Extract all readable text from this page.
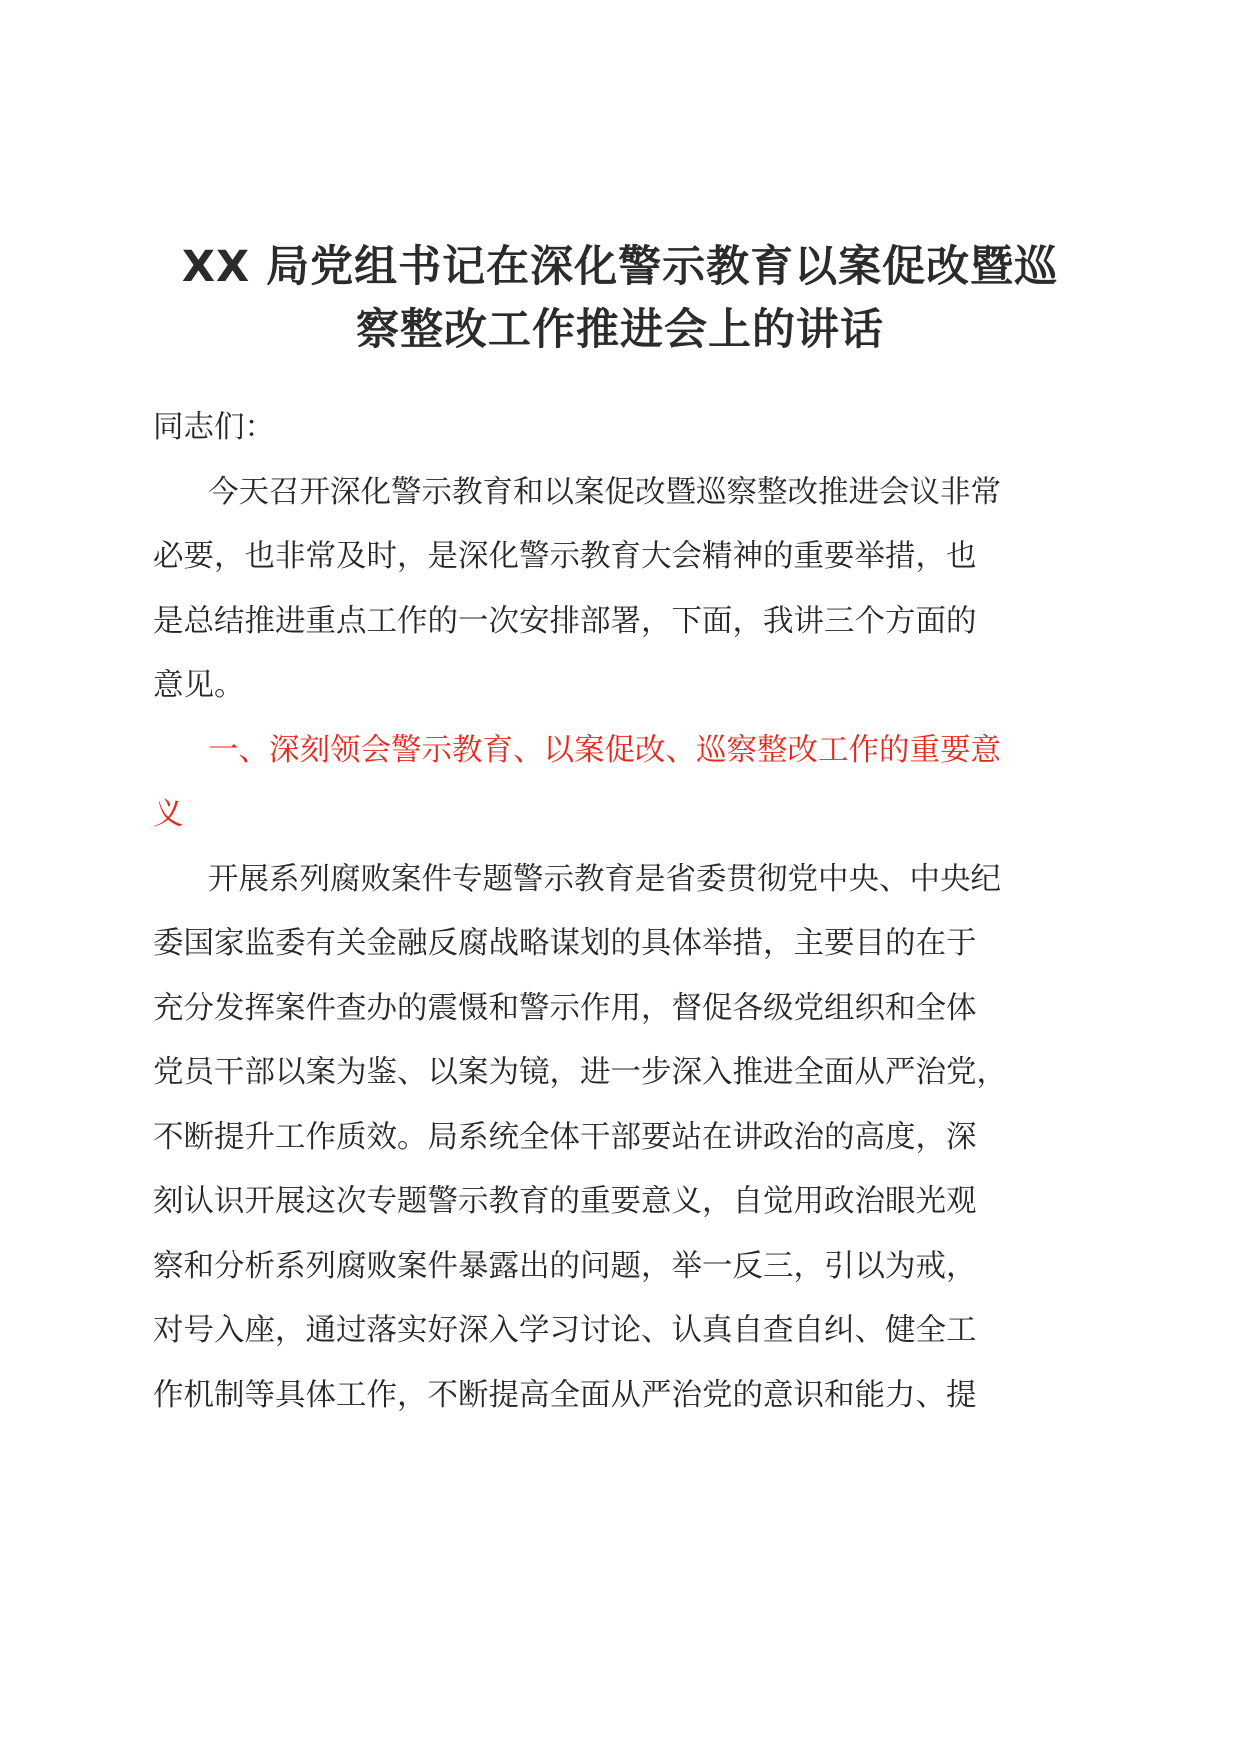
XX 局党组书记在深化警示教育以案促改暨巡
察整改工作推进会上的讲话
同志们：
今天召开深化警示教育和以案促改暨巡察整改推进会议非常
必要，也非常及时，是深化警示教育大会精神的重要举措，也
是总结推进重点工作的一次安排部署，下面，我讲三个方面的
意见。
一、深刻领会警示教育、以案促改、巡察整改工作的重要意
义
开展系列腐败案件专题警示教育是省委贯彻党中央、中央纪
委国家监委有关金融反腐战略谋划的具体举措，主要目的在于
充分发挥案件查办的震慑和警示作用，督促各级党组织和全体
党员干部以案为鉴、以案为镜，进一步深入推进全面从严治党，
不断提升工作质效。局系统全体干部要站在讲政治的高度，深
刻认识开展这次专题警示教育的重要意义，自觉用政治眼光观
察和分析系列腐败案件暴露出的问题，举一反三，引以为戒，
对号入座，通过落实好深入学习讨论、认真自查自纠、健全工
作机制等具体工作，不断提高全面从严治党的意识和能力、提
